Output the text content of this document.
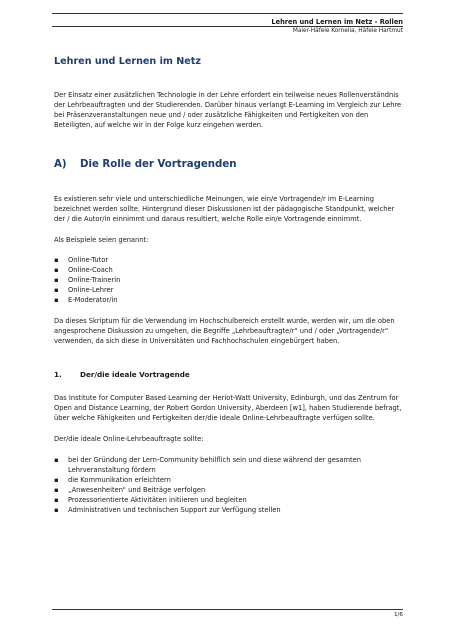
Lehren und Lernen im Netz - Rollen
Maier-Häfele Kornelia, Häfele Hartmut
Lehren und Lernen im Netz

Der Einsatz einer zusätzlichen Technologie in der Lehre erfordert ein teilweise neues Rollenverständnis der Lehrbeauftragten und der Studierenden. Darüber hinaus verlangt E-Learning im Vergleich zur Lehre bei Präsenzveranstaltungen neue und / oder zusätzliche Fähigkeiten und Fertigkeiten von den Beteiligten, auf welche wir in der Folge kurz eingehen werden.

A)	Die Rolle der Vortragenden

Es existieren sehr viele und unterschiedliche Meinungen, wie ein/e Vortragende/r im E-Learning bezeichnet werden sollte. Hintergrund dieser Diskussionen ist der pädagogische Standpunkt, welcher der / die Autor/in einnimmt und daraus resultiert, welche Rolle ein/e Vortragende einnimmt.

Als Beispiele seien genannt:

▪ Online-Tutor
▪ Online-Coach
▪ Online-Trainerin
▪ Online-Lehrer
▪ E-Moderator/in

Da dieses Skriptum für die Verwendung im Hochschulbereich erstellt wurde, werden wir, um die oben angesprochene Diskussion zu umgehen, die Begriffe „Lehrbeauftragte/r“ und / oder „Vortragende/r“ verwenden, da sich diese in Universitäten und Fachhochschulen eingebürgert haben.

1.	Der/die ideale Vortragende

Das Institute for Computer Based Learning der Heriot-Watt University, Edinburgh, und das Zentrum for Open and Distance Learning, der Robert Gordon University, Aberdeen [w1], haben Studierende befragt, über welche Fähigkeiten und Fertigkeiten der/die ideale Online-Lehrbeauftragte verfügen sollte.

Der/die ideale Online-Lehrbeauftragte sollte:

▪ bei der Gründung der Lern-Community behilflich sein und diese während der gesamten Lehrveranstaltung fördern
▪ die Kommunikation erleichtern
▪ „Anwesenheiten“ und Beiträge verfolgen
▪ Prozessorientierte Aktivitäten initiieren und begleiten
▪ Administrativen und technischen Support zur Verfügung stellen
1/6
